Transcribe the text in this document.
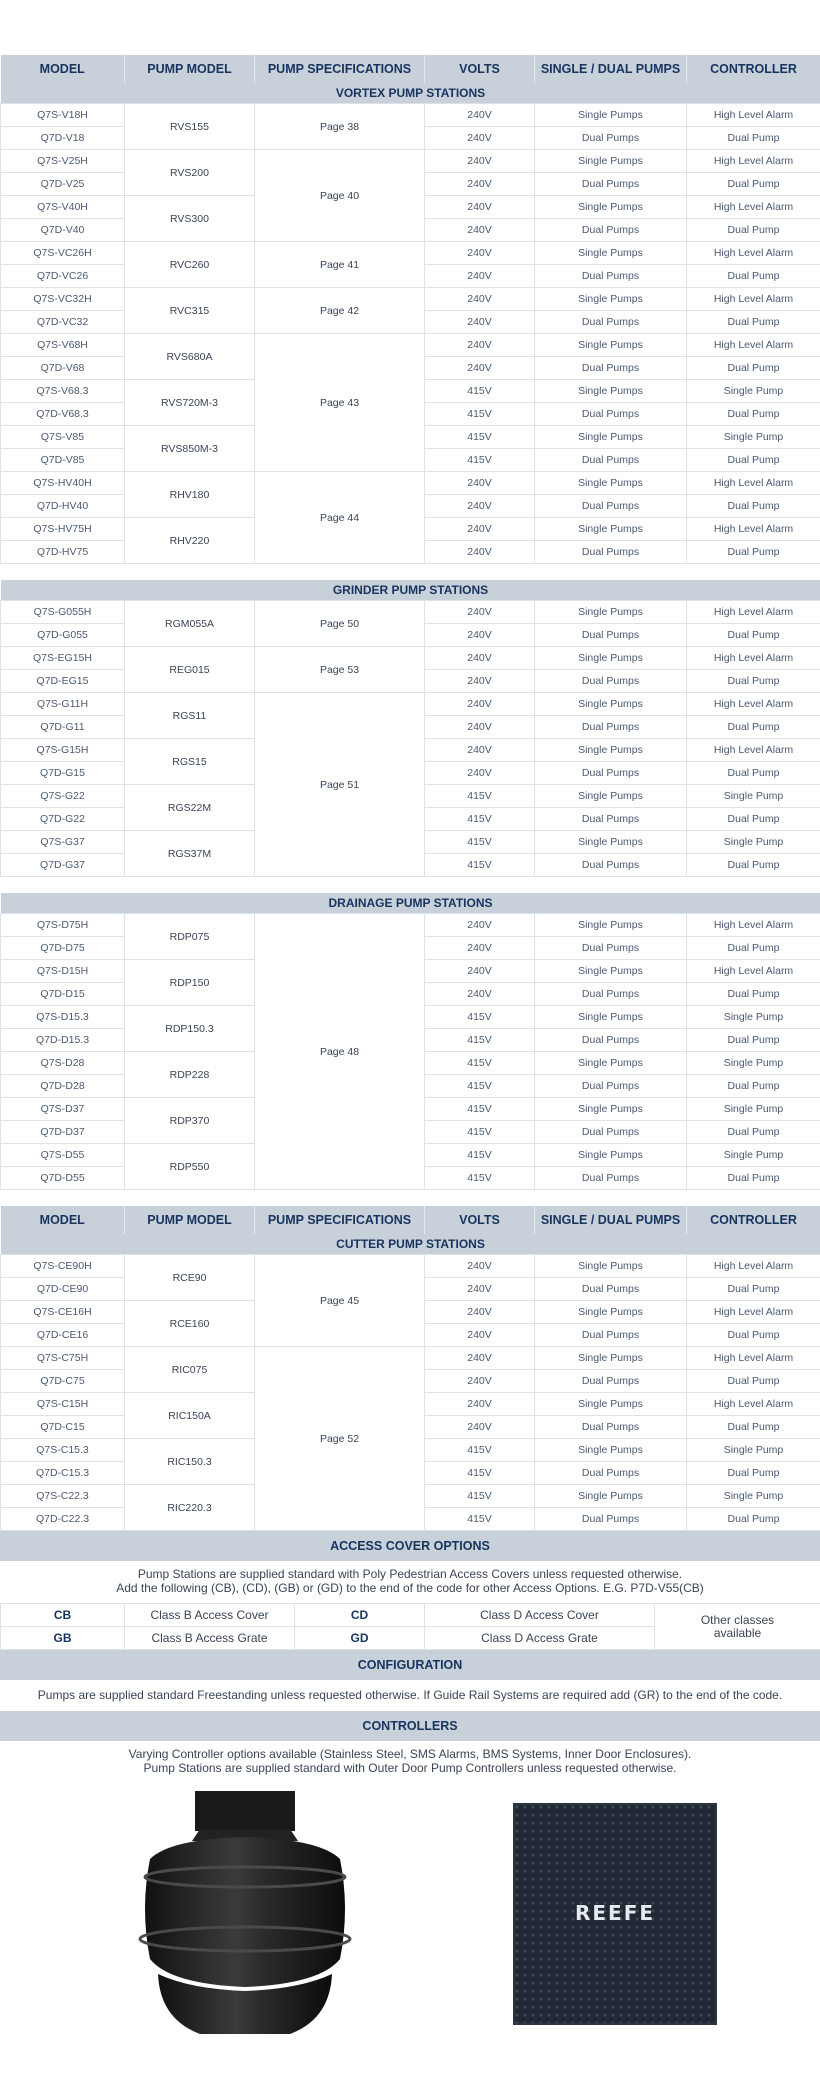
MODEL	PUMP MODEL	PUMP SPECIFICATIONS	VOLTS	SINGLE / DUAL PUMPS	CONTROLLER
VORTEX PUMP STATIONS					
Q7S-V18H	RVS155	Page 38	240V	Single Pumps	High Level Alarm
Q7D-V18			240V	Dual Pumps	Dual Pump
Q7S-V25H	RVS200	Page 40	240V	Single Pumps	High Level Alarm
Q7D-V25			240V	Dual Pumps	Dual Pump
Q7S-V40H	RVS300		240V	Single Pumps	High Level Alarm
Q7D-V40			240V	Dual Pumps	Dual Pump
Q7S-VC26H	RVC260	Page 41	240V	Single Pumps	High Level Alarm
Q7D-VC26			240V	Dual Pumps	Dual Pump
Q7S-VC32H	RVC315	Page 42	240V	Single Pumps	High Level Alarm
Q7D-VC32			240V	Dual Pumps	Dual Pump
Q7S-V68H	RVS680A	Page 43	240V	Single Pumps	High Level Alarm
Q7D-V68			240V	Dual Pumps	Dual Pump
Q7S-V68.3	RVS720M-3		415V	Single Pumps	Single Pump
Q7D-V68.3			415V	Dual Pumps	Dual Pump
Q7S-V85	RVS850M-3		415V	Single Pumps	Single Pump
Q7D-V85			415V	Dual Pumps	Dual Pump
Q7S-HV40H	RHV180	Page 44	240V	Single Pumps	High Level Alarm
Q7D-HV40			240V	Dual Pumps	Dual Pump
Q7S-HV75H	RHV220		240V	Single Pumps	High Level Alarm
Q7D-HV75			240V	Dual Pumps	Dual Pump

GRINDER PUMP STATIONS					
Q7S-G055H	RGM055A	Page 50	240V	Single Pumps	High Level Alarm
Q7D-G055			240V	Dual Pumps	Dual Pump
Q7S-EG15H	REG015	Page 53	240V	Single Pumps	High Level Alarm
Q7D-EG15			240V	Dual Pumps	Dual Pump
Q7S-G11H	RGS11	Page 51	240V	Single Pumps	High Level Alarm
Q7D-G11			240V	Dual Pumps	Dual Pump
Q7S-G15H	RGS15		240V	Single Pumps	High Level Alarm
Q7D-G15			240V	Dual Pumps	Dual Pump
Q7S-G22	RGS22M		415V	Single Pumps	Single Pump
Q7D-G22			415V	Dual Pumps	Dual Pump
Q7S-G37	RGS37M		415V	Single Pumps	Single Pump
Q7D-G37			415V	Dual Pumps	Dual Pump

DRAINAGE PUMP STATIONS					
Q7S-D75H	RDP075	Page 48	240V	Single Pumps	High Level Alarm
Q7D-D75			240V	Dual Pumps	Dual Pump
Q7S-D15H	RDP150		240V	Single Pumps	High Level Alarm
Q7D-D15			240V	Dual Pumps	Dual Pump
Q7S-D15.3	RDP150.3		415V	Single Pumps	Single Pump
Q7D-D15.3			415V	Dual Pumps	Dual Pump
Q7S-D28	RDP228		415V	Single Pumps	Single Pump
Q7D-D28			415V	Dual Pumps	Dual Pump
Q7S-D37	RDP370		415V	Single Pumps	Single Pump
Q7D-D37			415V	Dual Pumps	Dual Pump
Q7S-D55	RDP550		415V	Single Pumps	Single Pump
Q7D-D55			415V	Dual Pumps	Dual Pump

MODEL	PUMP MODEL	PUMP SPECIFICATIONS	VOLTS	SINGLE / DUAL PUMPS	CONTROLLER
CUTTER PUMP STATIONS					
Q7S-CE90H	RCE90	Page 45	240V	Single Pumps	High Level Alarm
Q7D-CE90			240V	Dual Pumps	Dual Pump
Q7S-CE16H	RCE160		240V	Single Pumps	High Level Alarm
Q7D-CE16			240V	Dual Pumps	Dual Pump
Q7S-C75H	RIC075	Page 52	240V	Single Pumps	High Level Alarm
Q7D-C75			240V	Dual Pumps	Dual Pump
Q7S-C15H	RIC150A		240V	Single Pumps	High Level Alarm
Q7D-C15			240V	Dual Pumps	Dual Pump
Q7S-C15.3	RIC150.3		415V	Single Pumps	Single Pump
Q7D-C15.3			415V	Dual Pumps	Dual Pump
Q7S-C22.3	RIC220.3		415V	Single Pumps	Single Pump
Q7D-C22.3			415V	Dual Pumps	Dual Pump
ACCESS COVER OPTIONS
Pump Stations are supplied standard with Poly Pedestrian Access Covers unless requested otherwise.
Add the following (CB), (CD), (GB) or (GD) to the end of the code for other Access Options. E.G. P7D-V55(CB)
CB	Class B Access Cover	CD	Class D Access Cover	Other classes available
GB	Class B Access Grate	GD	Class D Access Grate	
CONFIGURATION
Pumps are supplied standard Freestanding unless requested otherwise. If Guide Rail Systems are required add (GR) to the end of the code.
CONTROLLERS
Varying Controller options available (Stainless Steel, SMS Alarms, BMS Systems, Inner Door Enclosures).
Pump Stations are supplied standard with Outer Door Pump Controllers unless requested otherwise.
REEFE
